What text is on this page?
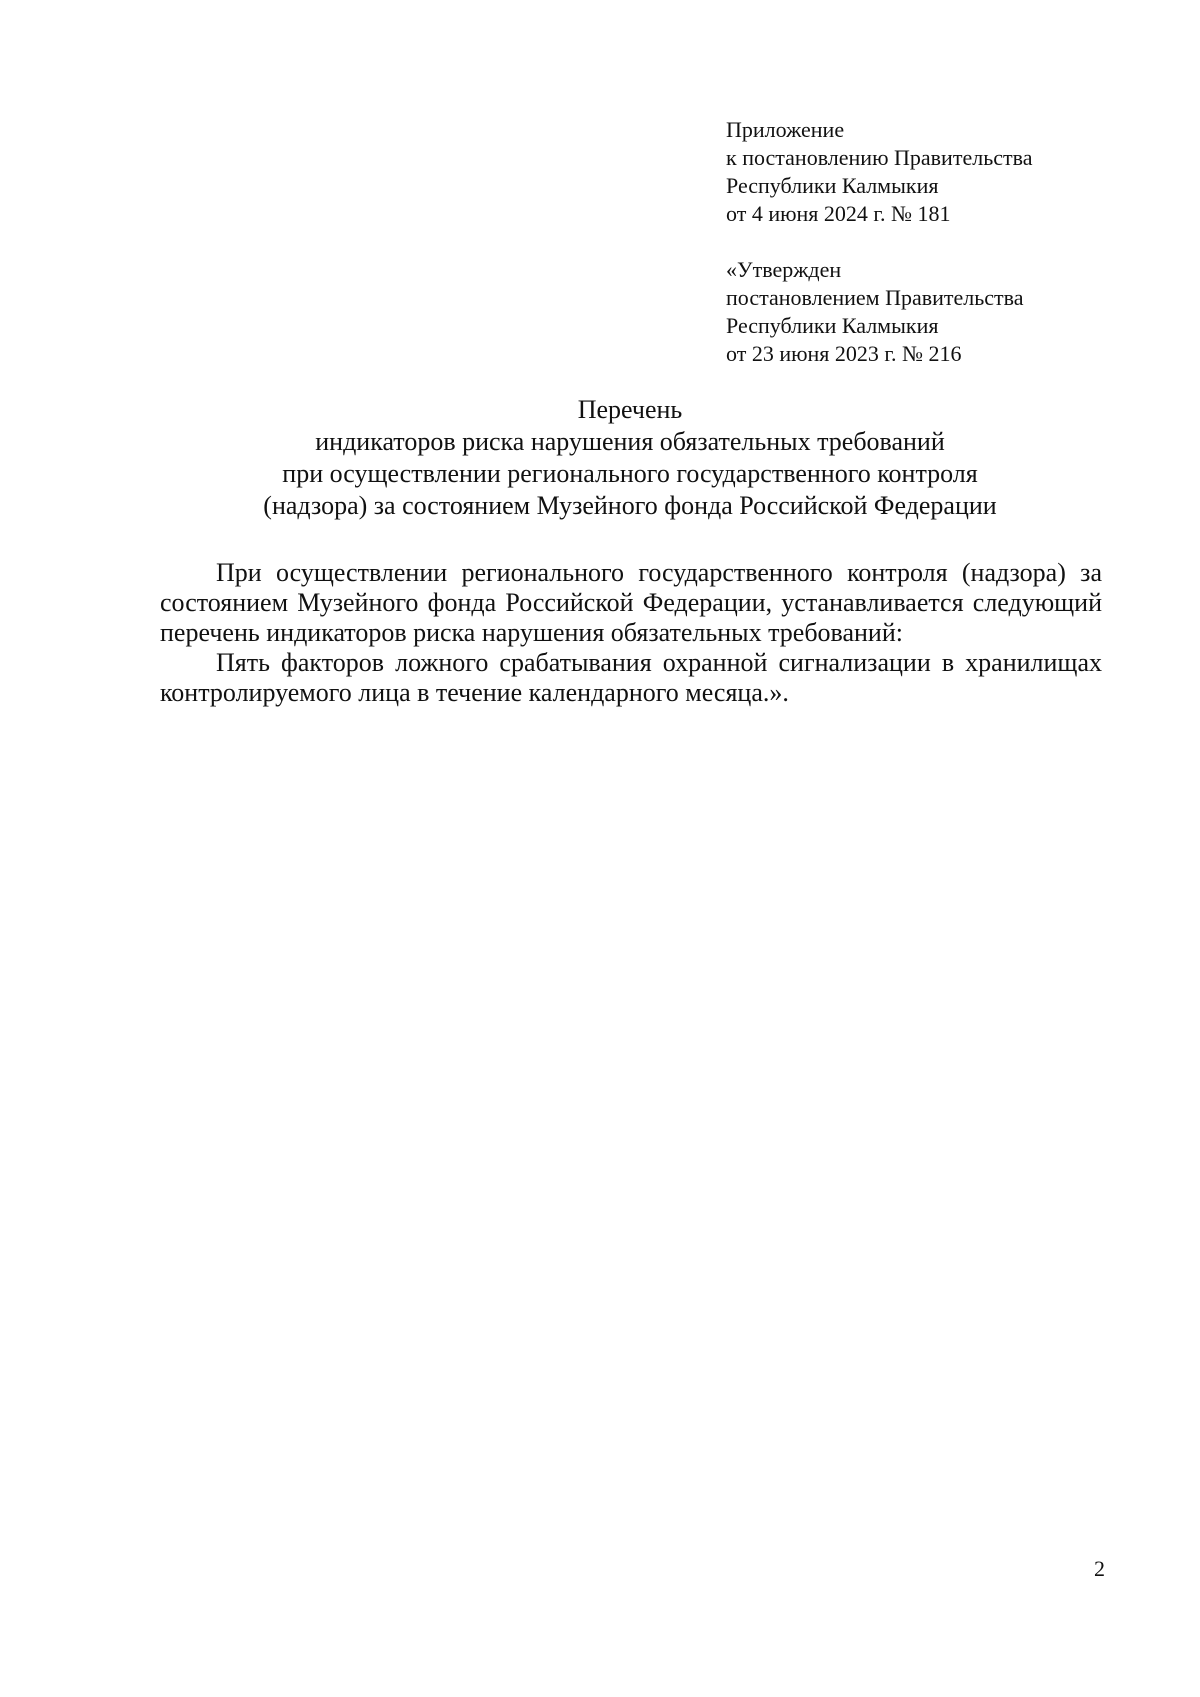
Приложение
к постановлению Правительства
Республики Калмыкия
от 4 июня 2024 г. № 181
«Утвержден
постановлением Правительства
Республики Калмыкия
от 23 июня 2023 г. № 216
Перечень
индикаторов риска нарушения обязательных требований
при осуществлении регионального государственного контроля
(надзора) за состоянием Музейного фонда Российской Федерации

При осуществлении регионального государственного контроля (надзора) за состоянием Музейного фонда Российской Федерации, устанавливается следующий перечень индикаторов риска нарушения обязательных требований:

Пять факторов ложного срабатывания охранной сигнализации в хранилищах контролируемого лица в течение календарного месяца.».

2
